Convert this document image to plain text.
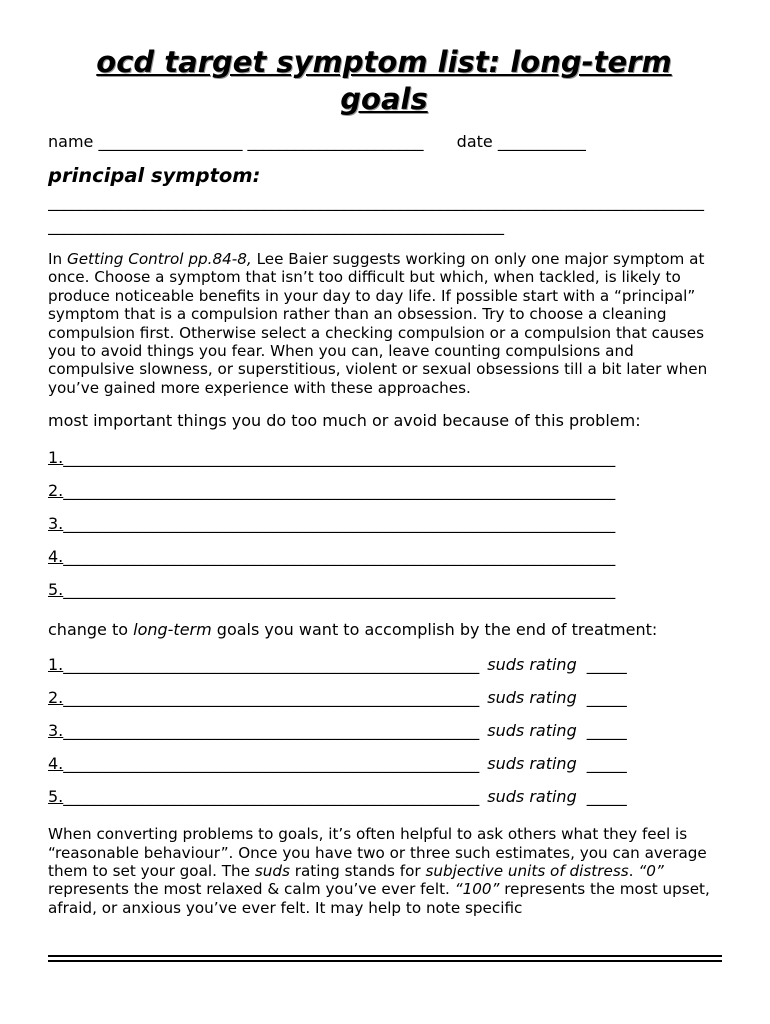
ocd target symptom list: long-term goals
name __________________ ______________________ date ___________
principal symptom:
__________________________________________________________________________________
_________________________________________________________
In Getting Control pp.84-8, Lee Baier suggests working on only one major symptom at once. Choose a symptom that isn’t too difficult but which, when tackled, is likely to produce noticeable benefits in your day to day life. If possible start with a “principal” symptom that is a compulsion rather than an obsession. Try to choose a cleaning compulsion first. Otherwise select a checking compulsion or a compulsion that causes you to avoid things you fear. When you can, leave counting compulsions and compulsive slowness, or superstitious, violent or sexual obsessions till a bit later when you’ve gained more experience with these approaches.
most important things you do too much or avoid because of this problem:
1._____________________________________________________________________
2._____________________________________________________________________
3._____________________________________________________________________
4._____________________________________________________________________
5._____________________________________________________________________
change to long-term goals you want to accomplish by the end of treatment:
1.____________________________________________________ suds rating _____
2.____________________________________________________ suds rating _____
3.____________________________________________________ suds rating _____
4.____________________________________________________ suds rating _____
5.____________________________________________________ suds rating _____
When converting problems to goals, it’s often helpful to ask others what they feel is “reasonable behaviour”. Once you have two or three such estimates, you can average them to set your goal. The suds rating stands for subjective units of distress. “0”
represents the most relaxed & calm you’ve ever felt. “100” represents the most upset, afraid, or anxious you’ve ever felt. It may help to note specific
